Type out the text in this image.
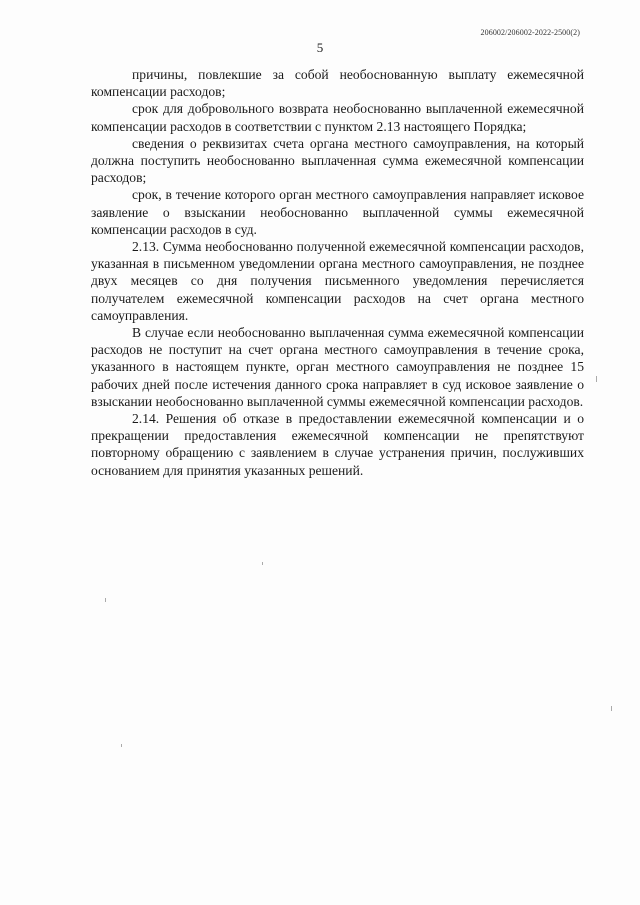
206002/206002-2022-2500(2)
5

причины, повлекшие за собой необоснованную выплату ежемесячной компенсации расходов;

срок для добровольного возврата необоснованно выплаченной ежемесячной компенсации расходов в соответствии с пунктом 2.13 настоящего Порядка;

сведения о реквизитах счета органа местного самоуправления, на который должна поступить необоснованно выплаченная сумма ежемесячной компенсации расходов;

срок, в течение которого орган местного самоуправления направляет исковое заявление о взыскании необоснованно выплаченной суммы ежемесячной компенсации расходов в суд.

2.13. Сумма необоснованно полученной ежемесячной компенсации расходов, указанная в письменном уведомлении органа местного самоуправления, не позднее двух месяцев со дня получения письменного уведомления перечисляется получателем ежемесячной компенсации расходов на счет органа местного самоуправления.

В случае если необоснованно выплаченная сумма ежемесячной компенсации расходов не поступит на счет органа местного самоуправления в течение срока, указанного в настоящем пункте, орган местного самоуправления не позднее 15 рабочих дней после истечения данного срока направляет в суд исковое заявление о взыскании необоснованно выплаченной суммы ежемесячной компенсации расходов.

2.14. Решения об отказе в предоставлении ежемесячной компенсации и о прекращении предоставления ежемесячной компенсации не препятствуют повторному обращению с заявлением в случае устранения причин, послуживших основанием для принятия указанных решений.
